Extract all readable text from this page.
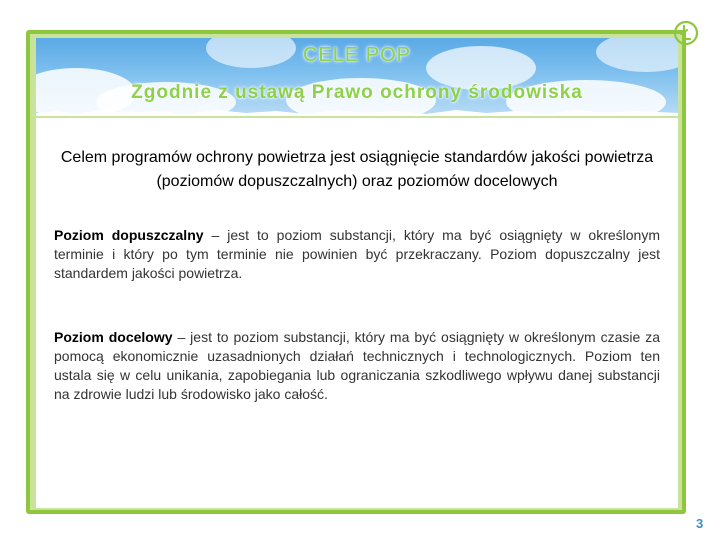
CELE POP
Zgodnie z ustawą Prawo ochrony środowiska
Celem programów ochrony powietrza jest osiągnięcie standardów jakości powietrza (poziomów dopuszczalnych) oraz poziomów docelowych
Poziom dopuszczalny – jest to poziom substancji, który ma być osiągnięty w określonym terminie i który po tym terminie nie powinien być przekraczany. Poziom dopuszczalny jest standardem jakości powietrza.
Poziom docelowy – jest to poziom substancji, który ma być osiągnięty w określonym czasie za pomocą ekonomicznie uzasadnionych działań technicznych i technologicznych. Poziom ten ustala się w celu unikania, zapobiegania lub ograniczania szkodliwego wpływu danej substancji na zdrowie ludzi lub środowisko jako całość.
3
